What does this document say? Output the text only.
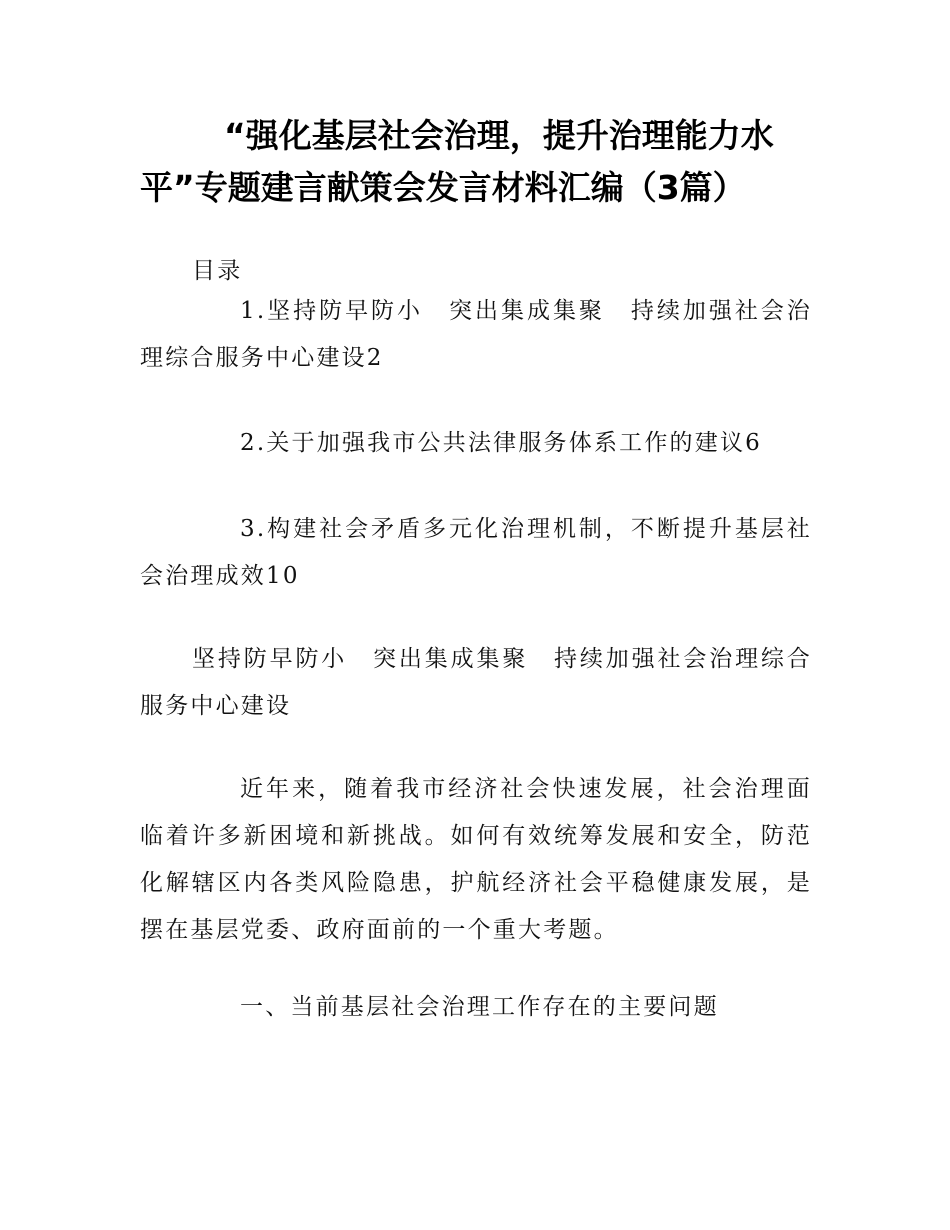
“强化基层社会治理，提升治理能力水平”专题建言献策会发言材料汇编（3篇）
目录
1.坚持防早防小　突出集成集聚　持续加强社会治理综合服务中心建设2
2.关于加强我市公共法律服务体系工作的建议6
3.构建社会矛盾多元化治理机制，不断提升基层社会治理成效10
坚持防早防小　突出集成集聚　持续加强社会治理综合服务中心建设
近年来，随着我市经济社会快速发展，社会治理面临着许多新困境和新挑战。如何有效统筹发展和安全，防范化解辖区内各类风险隐患，护航经济社会平稳健康发展，是摆在基层党委、政府面前的一个重大考题。
一、当前基层社会治理工作存在的主要问题
